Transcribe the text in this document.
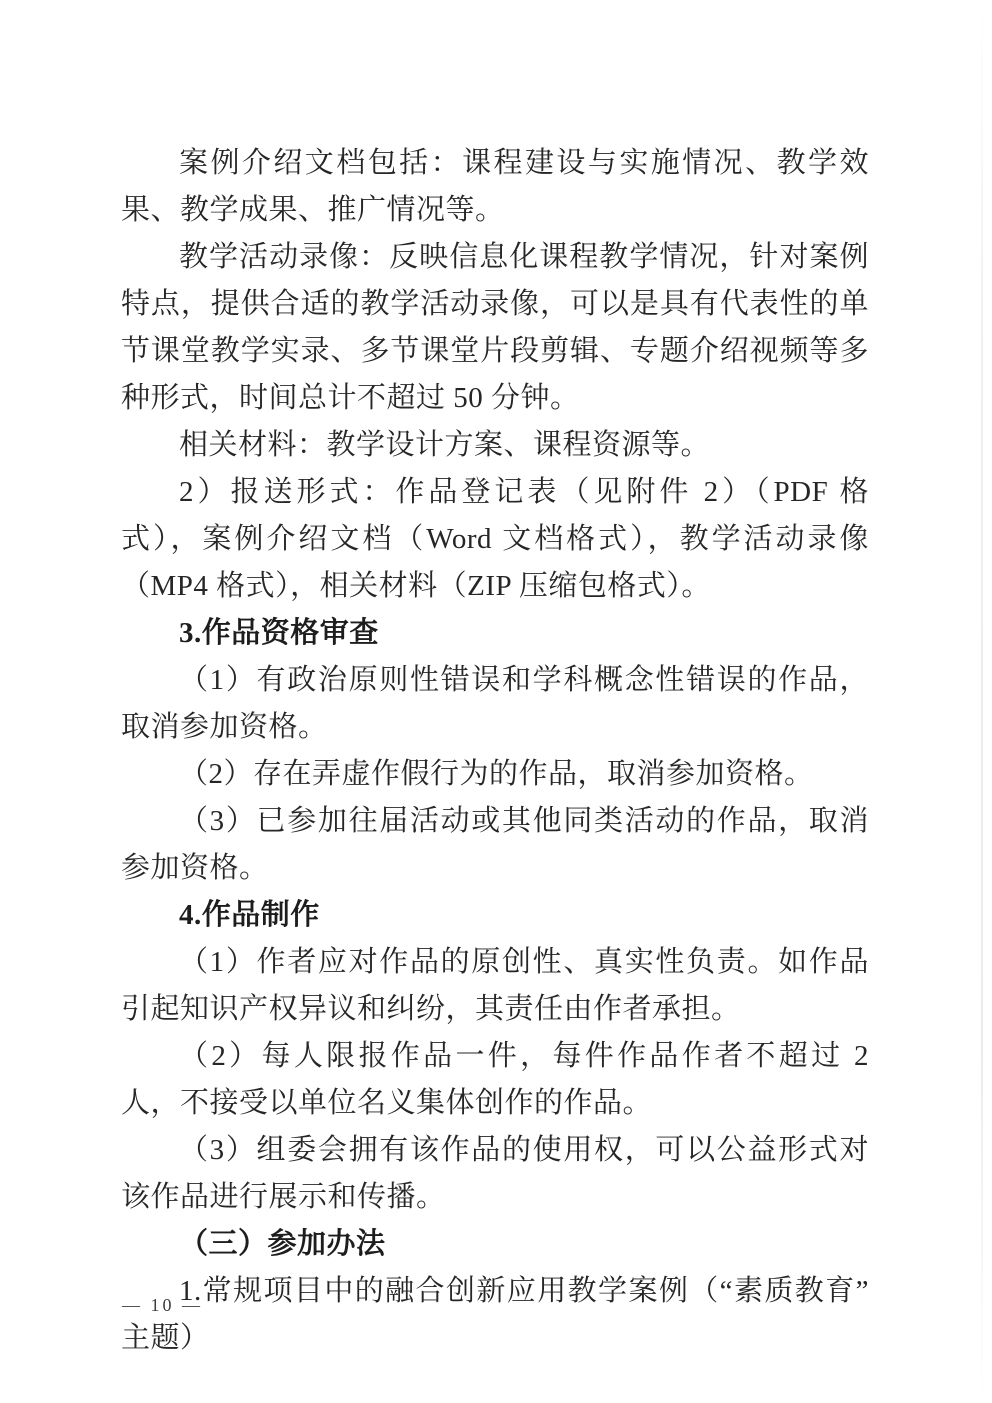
案例介绍文档包括：课程建设与实施情况、教学效果、教学成果、推广情况等。

教学活动录像：反映信息化课程教学情况，针对案例特点，提供合适的教学活动录像，可以是具有代表性的单节课堂教学实录、多节课堂片段剪辑、专题介绍视频等多种形式，时间总计不超过 50 分钟。

相关材料：教学设计方案、课程资源等。

2）报送形式：作品登记表（见附件 2）（PDF 格式），案例介绍文档（Word 文档格式），教学活动录像（MP4 格式），相关材料（ZIP 压缩包格式）。

3.作品资格审查

（1）有政治原则性错误和学科概念性错误的作品，取消参加资格。

（2）存在弄虚作假行为的作品，取消参加资格。

（3）已参加往届活动或其他同类活动的作品，取消参加资格。

4.作品制作

（1）作者应对作品的原创性、真实性负责。如作品引起知识产权异议和纠纷，其责任由作者承担。

（2）每人限报作品一件，每件作品作者不超过 2 人，不接受以单位名义集体创作的作品。

（3）组委会拥有该作品的使用权，可以公益形式对该作品进行展示和传播。

（三）参加办法

1.常规项目中的融合创新应用教学案例（“素质教育”主题）

— 10 —
